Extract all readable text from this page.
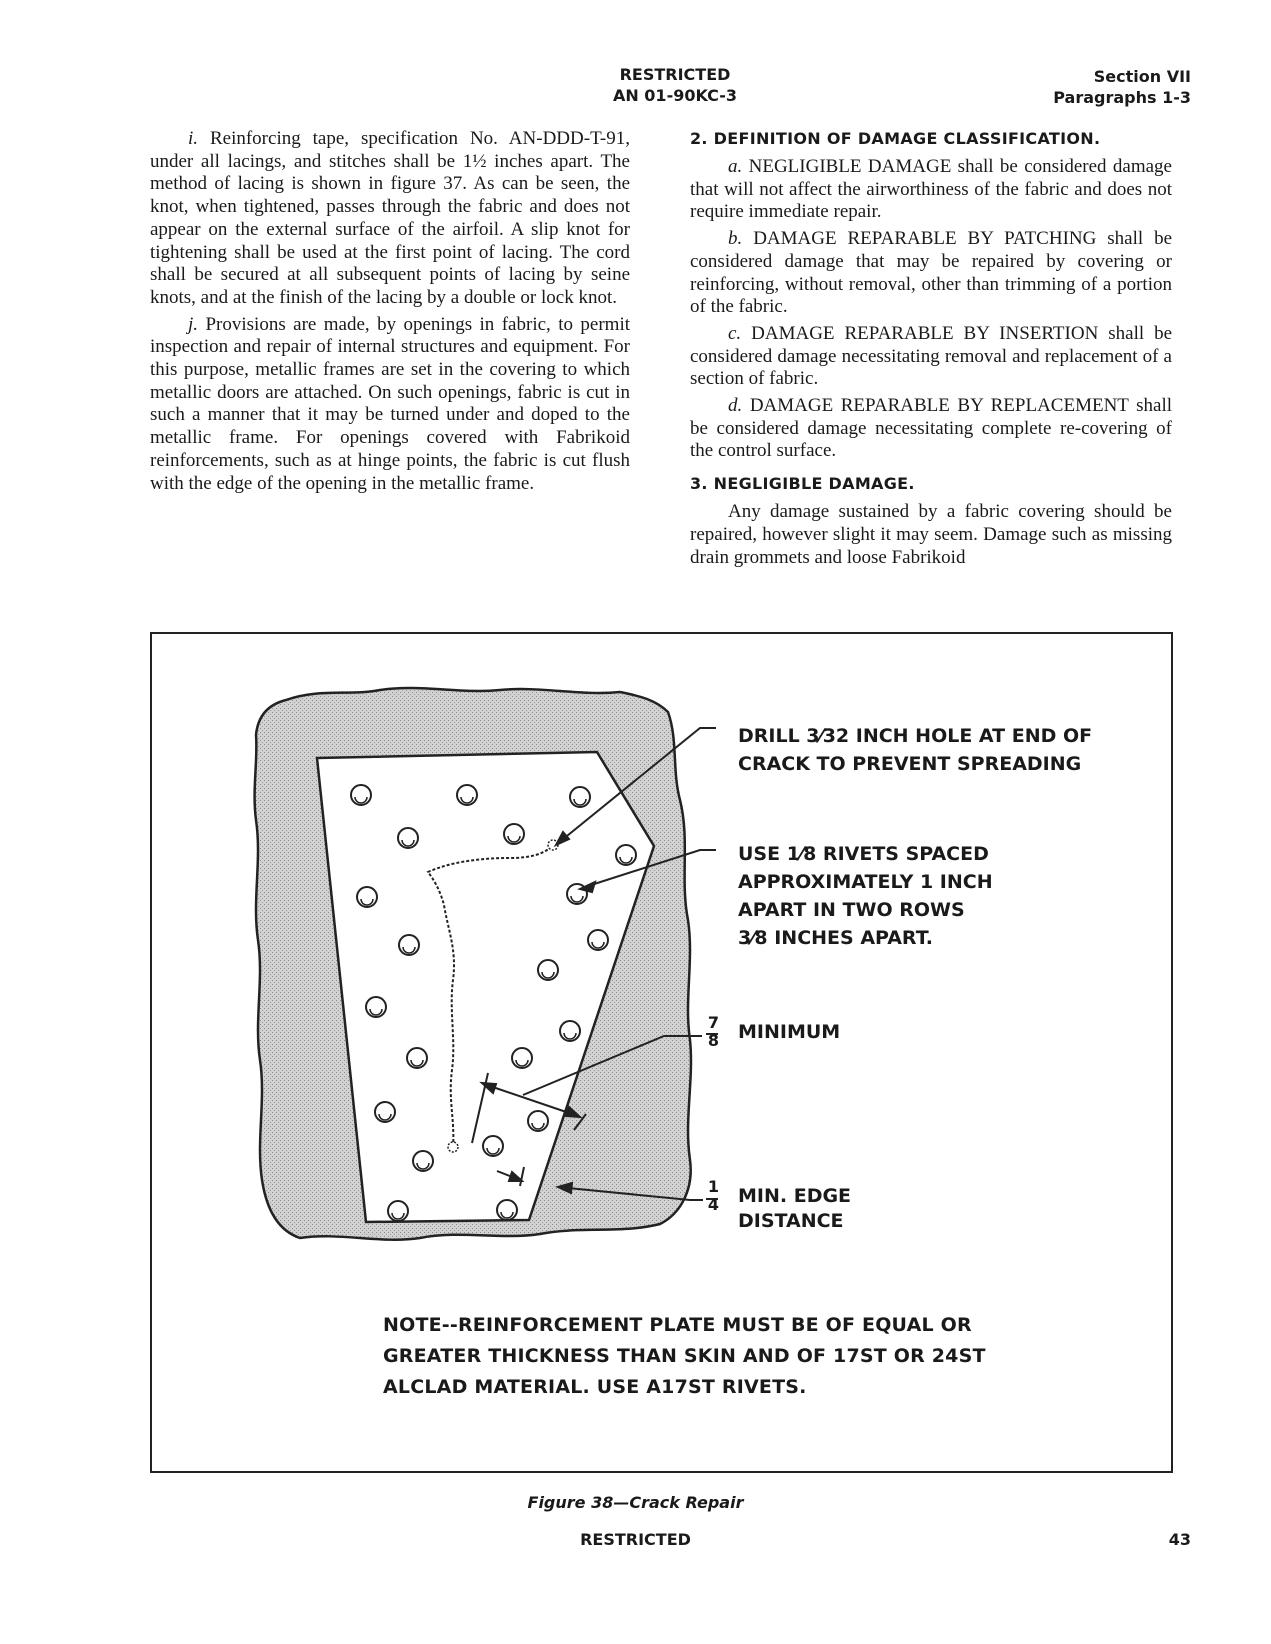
RESTRICTED
AN 01-90KC-3
Section VII
Paragraphs 1-3

i. Reinforcing tape, specification No. AN-DDD-T-91, under all lacings, and stitches shall be 1½ inches apart. The method of lacing is shown in figure 37. As can be seen, the knot, when tightened, passes through the fabric and does not appear on the external surface of the airfoil. A slip knot for tightening shall be used at the first point of lacing. The cord shall be secured at all subsequent points of lacing by seine knots, and at the finish of the lacing by a double or lock knot.

j. Provisions are made, by openings in fabric, to permit inspection and repair of internal structures and equipment. For this purpose, metallic frames are set in the covering to which metallic doors are attached. On such openings, fabric is cut in such a manner that it may be turned under and doped to the metallic frame. For openings covered with Fabrikoid reinforcements, such as at hinge points, the fabric is cut flush with the edge of the opening in the metallic frame.

2. DEFINITION OF DAMAGE CLASSIFICATION.

a. NEGLIGIBLE DAMAGE shall be considered damage that will not affect the airworthiness of the fabric and does not require immediate repair.

b. DAMAGE REPARABLE BY PATCHING shall be considered damage that may be repaired by covering or reinforcing, without removal, other than trimming of a portion of the fabric.

c. DAMAGE REPARABLE BY INSERTION shall be considered damage necessitating removal and replacement of a section of fabric.

d. DAMAGE REPARABLE BY REPLACEMENT shall be considered damage necessitating complete re-covering of the control surface.

3. NEGLIGIBLE DAMAGE.

Any damage sustained by a fabric covering should be repaired, however slight it may seem. Damage such as missing drain grommets and loose Fabrikoid

DRILL 3⁄32 INCH HOLE AT END OF
CRACK TO PREVENT SPREADING
USE 1⁄8 RIVETS SPACED
APPROXIMATELY 1 INCH
APART IN TWO ROWS
3⁄8 INCHES APART.
7
8 MINIMUM
1
4 MIN. EDGE
DISTANCE
NOTE--REINFORCEMENT PLATE MUST BE OF EQUAL OR
GREATER THICKNESS THAN SKIN AND OF 17ST OR 24ST
ALCLAD MATERIAL. USE A17ST RIVETS.
Figure 38—Crack Repair
RESTRICTED	43
